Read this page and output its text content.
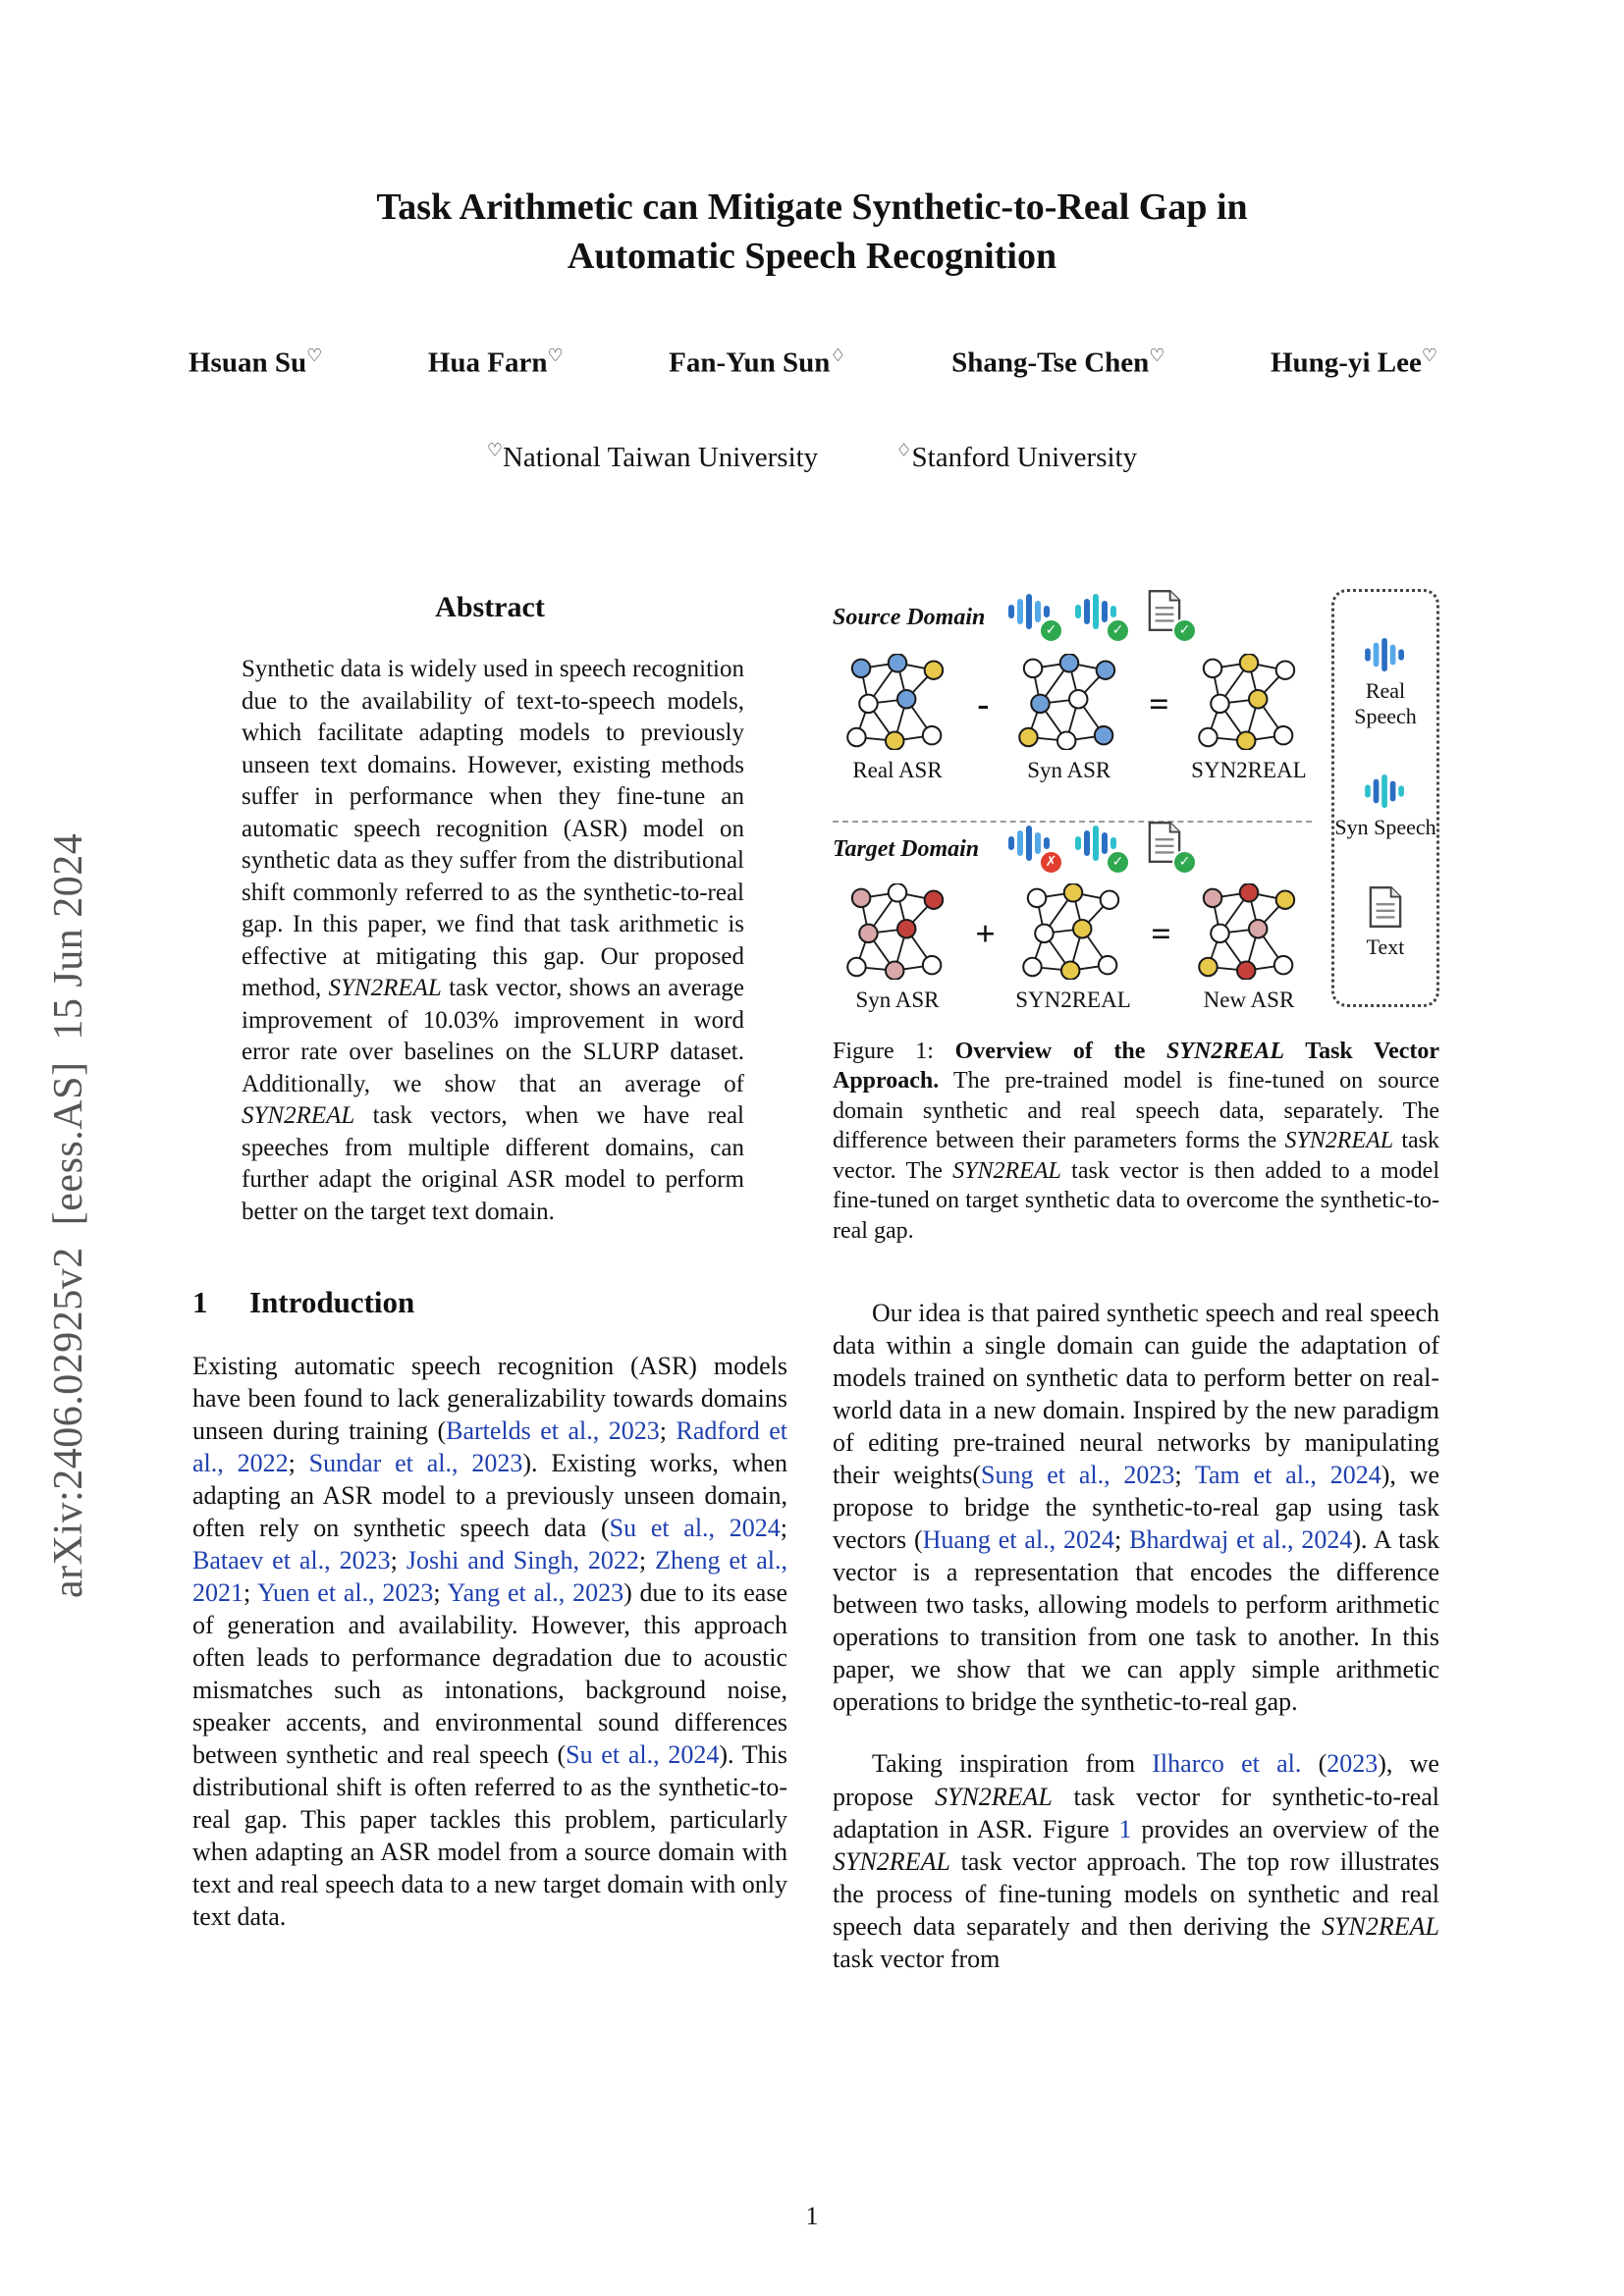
arXiv:2406.02925v2  [eess.AS]  15 Jun 2024
Task Arithmetic can Mitigate Synthetic-to-Real Gap in
Automatic Speech Recognition
Hsuan Su♡	Hua Farn♡	Fan-Yun Sun♢	Shang-Tse Chen♡	Hung-yi Lee♡
♡National Taiwan University	♢Stanford University
Abstract
Synthetic data is widely used in speech recognition due to the availability of text-to-speech models, which facilitate adapting models to previously unseen text domains. However, existing methods suffer in performance when they fine-tune an automatic speech recognition (ASR) model on synthetic data as they suffer from the distributional shift commonly referred to as the synthetic-to-real gap. In this paper, we find that task arithmetic is effective at mitigating this gap. Our proposed method, SYN2REAL task vector, shows an average improvement of 10.03% improvement in word error rate over baselines on the SLURP dataset. Additionally, we show that an average of SYN2REAL task vectors, when we have real speeches from multiple different domains, can further adapt the original ASR model to perform better on the target text domain.
1 Introduction
Existing automatic speech recognition (ASR) models have been found to lack generalizability towards domains unseen during training (Bartelds et al., 2023; Radford et al., 2022; Sundar et al., 2023). Existing works, when adapting an ASR model to a previously unseen domain, often rely on synthetic speech data (Su et al., 2024; Bataev et al., 2023; Joshi and Singh, 2022; Zheng et al., 2021; Yuen et al., 2023; Yang et al., 2023) due to its ease of generation and availability. However, this approach often leads to performance degradation due to acoustic mismatches such as intonations, background noise, speaker accents, and environmental sound differences between synthetic and real speech (Su et al., 2024). This distributional shift is often referred to as the synthetic-to-real gap. This paper tackles this problem, particularly when adapting an ASR model from a source domain with text and real speech data to a new target domain with only text data.
Source Domain	✓	✓	✓
Real ASR
-
Syn ASR
=
SYN2REAL
Target Domain	✗	✓	✓
Syn ASR
+
SYN2REAL
=
New ASR
Real Speech
Syn Speech
Text
Figure 1: Overview of the SYN2REAL Task Vector Approach. The pre-trained model is fine-tuned on source domain synthetic and real speech data, separately. The difference between their parameters forms the SYN2REAL task vector. The SYN2REAL task vector is then added to a model fine-tuned on target synthetic data to overcome the synthetic-to-real gap.
Our idea is that paired synthetic speech and real speech data within a single domain can guide the adaptation of models trained on synthetic data to perform better on real-world data in a new domain. Inspired by the new paradigm of editing pre-trained neural networks by manipulating their weights(Sung et al., 2023; Tam et al., 2024), we propose to bridge the synthetic-to-real gap using task vectors (Huang et al., 2024; Bhardwaj et al., 2024). A task vector is a representation that encodes the difference between two tasks, allowing models to perform arithmetic operations to transition from one task to another. In this paper, we show that we can apply simple arithmetic operations to bridge the synthetic-to-real gap.
Taking inspiration from Ilharco et al. (2023), we propose SYN2REAL task vector for synthetic-to-real adaptation in ASR. Figure 1 provides an overview of the SYN2REAL task vector approach. The top row illustrates the process of fine-tuning models on synthetic and real speech data separately and then deriving the SYN2REAL task vector from
1
